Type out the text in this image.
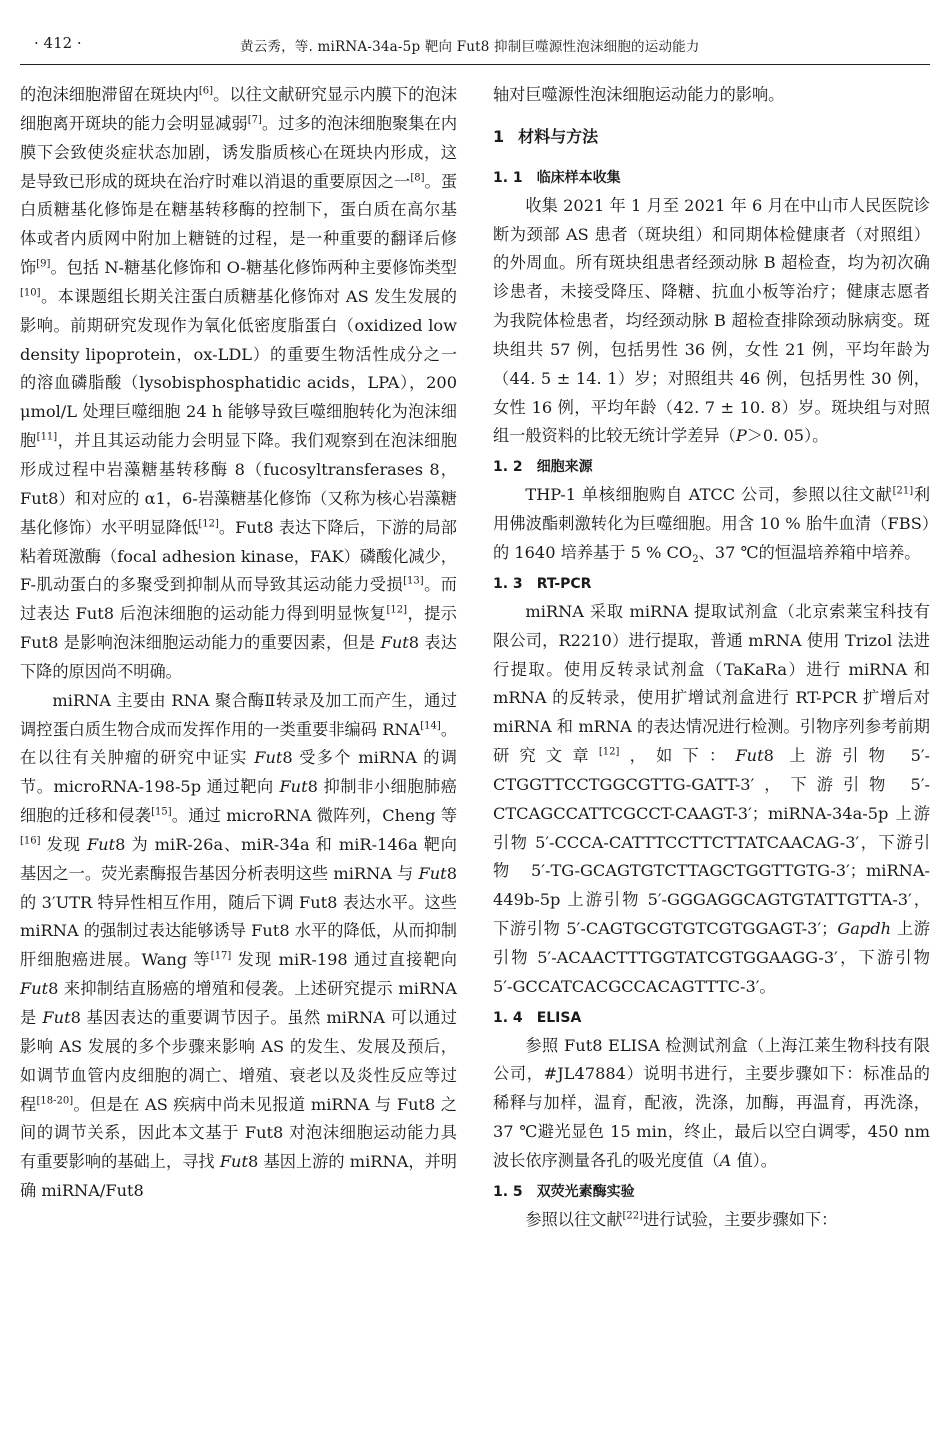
· 412 ·	黄云秀，等. miRNA-34a-5p 靶向 Fut8 抑制巨噬源性泡沫细胞的运动能力

的泡沫细胞滞留在斑块内[6]。以往文献研究显示内膜下的泡沫细胞离开斑块的能力会明显减弱[7]。过多的泡沫细胞聚集在内膜下会致使炎症状态加剧，诱发脂质核心在斑块内形成，这是导致已形成的斑块在治疗时难以消退的重要原因之一[8]。蛋白质糖基化修饰是在糖基转移酶的控制下，蛋白质在高尔基体或者内质网中附加上糖链的过程，是一种重要的翻译后修饰[9]。包括 N-糖基化修饰和 O-糖基化修饰两种主要修饰类型[10]。本课题组长期关注蛋白质糖基化修饰对 AS 发生发展的影响。前期研究发现作为氧化低密度脂蛋白（oxidized low density lipoprotein，ox-LDL）的重要生物活性成分之一的溶血磷脂酸（lysobisphosphatidic acids，LPA），200 μmol/L 处理巨噬细胞 24 h 能够导致巨噬细胞转化为泡沫细胞[11]，并且其运动能力会明显下降。我们观察到在泡沫细胞形成过程中岩藻糖基转移酶 8（fucosyltransferases 8，Fut8）和对应的 α1，6-岩藻糖基化修饰（又称为核心岩藻糖基化修饰）水平明显降低[12]。Fut8 表达下降后，下游的局部粘着斑激酶（focal adhesion kinase，FAK）磷酸化减少，F-肌动蛋白的多聚受到抑制从而导致其运动能力受损[13]。而过表达 Fut8 后泡沫细胞的运动能力得到明显恢复[12]，提示 Fut8 是影响泡沫细胞运动能力的重要因素，但是 Fut8 表达下降的原因尚不明确。

miRNA 主要由 RNA 聚合酶Ⅱ转录及加工而产生，通过调控蛋白质生物合成而发挥作用的一类重要非编码 RNA[14]。在以往有关肿瘤的研究中证实 Fut8 受多个 miRNA 的调节。microRNA-198-5p 通过靶向 Fut8 抑制非小细胞肺癌细胞的迁移和侵袭[15]。通过 microRNA 微阵列，Cheng 等[16] 发现 Fut8 为 miR-26a、miR-34a 和 miR-146a 靶向基因之一。荧光素酶报告基因分析表明这些 miRNA 与 Fut8 的 3′UTR 特异性相互作用，随后下调 Fut8 表达水平。这些 miRNA 的强制过表达能够诱导 Fut8 水平的降低，从而抑制肝细胞癌进展。Wang 等[17] 发现 miR-198 通过直接靶向 Fut8 来抑制结直肠癌的增殖和侵袭。上述研究提示 miRNA 是 Fut8 基因表达的重要调节因子。虽然 miRNA 可以通过影响 AS 发展的多个步骤来影响 AS 的发生、发展及预后，如调节血管内皮细胞的凋亡、增殖、衰老以及炎性反应等过程[18-20]。但是在 AS 疾病中尚未见报道 miRNA 与 Fut8 之间的调节关系，因此本文基于 Fut8 对泡沫细胞运动能力具有重要影响的基础上，寻找 Fut8 基因上游的 miRNA，并明确 miRNA/Fut8

轴对巨噬源性泡沫细胞运动能力的影响。

1 材料与方法
1. 1 临床样本收集

收集 2021 年 1 月至 2021 年 6 月在中山市人民医院诊断为颈部 AS 患者（斑块组）和同期体检健康者（对照组）的外周血。所有斑块组患者经颈动脉 B 超检查，均为初次确诊患者，未接受降压、降糖、抗血小板等治疗；健康志愿者为我院体检患者，均经颈动脉 B 超检查排除颈动脉病变。斑块组共 57 例，包括男性 36 例，女性 21 例，平均年龄为（44. 5 ± 14. 1）岁；对照组共 46 例，包括男性 30 例，女性 16 例，平均年龄（42. 7 ± 10. 8）岁。斑块组与对照组一般资料的比较无统计学差异（P＞0. 05）。

1. 2 细胞来源

THP-1 单核细胞购自 ATCC 公司，参照以往文献[21]利用佛波酯刺激转化为巨噬细胞。用含 10 % 胎牛血清（FBS）的 1640 培养基于 5 % $CO_2$、37 ℃的恒温培养箱中培养。

1. 3 RT-PCR

miRNA 采取 miRNA 提取试剂盒（北京索莱宝科技有限公司，R2210）进行提取，普通 mRNA 使用 Trizol 法进行提取。使用反转录试剂盒（TaKaRa）进行 miRNA 和 mRNA 的反转录，使用扩增试剂盒进行 RT-PCR 扩增后对 miRNA 和 mRNA 的表达情况进行检测。引物序列参考前期研究文章[12]，如下：Fut8 上游引物 5′-CTGGTTCCTGGCGTTG-GATT-3′，下游引物 5′-CTCAGCCATTCGCCT-CAAGT-3′；miRNA-34a-5p 上游引物 5′-CCCA-CATTTCCTTCTTATCAACAG-3′，下游引物 5′-TG-GCAGTGTCTTAGCTGGTTGTG-3′；miRNA-449b-5p 上游引物 5′-GGGAGGCAGTGTATTGTTA-3′，下游引物 5′-CAGTGCGTGTCGTGGAGT-3′；Gapdh 上游引物 5′-ACAACTTTGGTATCGTGGAAGG-3′，下游引物 5′-GCCATCACGCCACAGTTTC-3′。

1. 4 ELISA

参照 Fut8 ELISA 检测试剂盒（上海江莱生物科技有限公司，#JL47884）说明书进行，主要步骤如下：标准品的稀释与加样，温育，配液，洗涤，加酶，再温育，再洗涤，37 ℃避光显色 15 min，终止，最后以空白调零，450 nm 波长依序测量各孔的吸光度值（A 值）。

1. 5 双荧光素酶实验

参照以往文献[22]进行试验，主要步骤如下：
